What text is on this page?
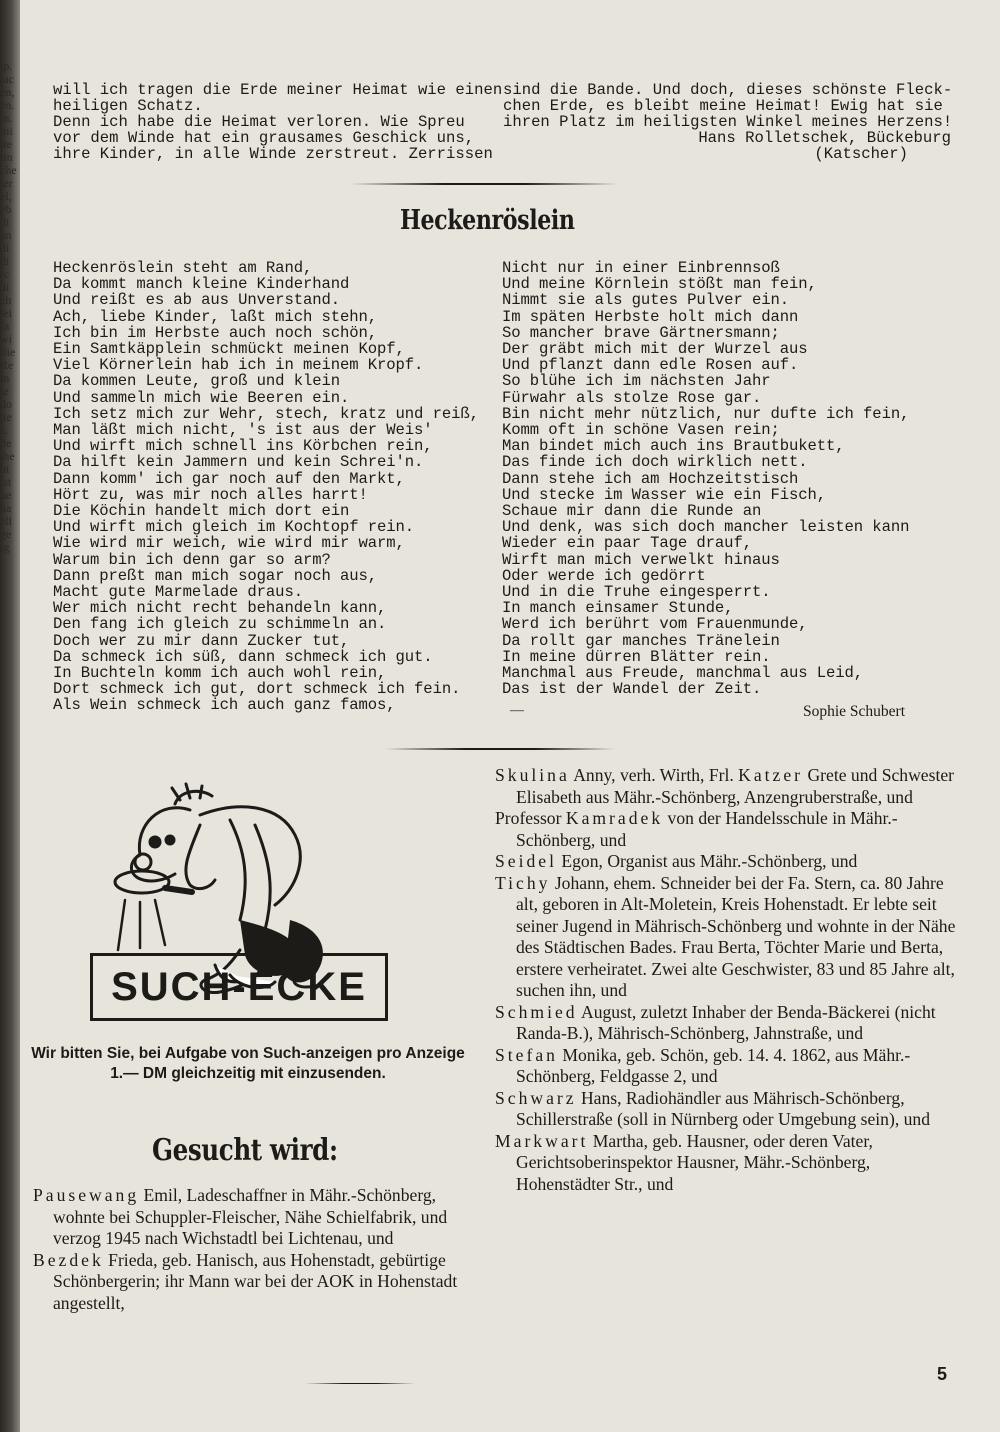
ıp.
lac
en,
en.
in.
mi
ite
lin
che
ier
el,
eb
di
an
di
di
rc
di
eh
lei
Ia
wi
ilie
Re
in
ie
do
ite
z.
de
ihe
ht
ist
ue
ha
ell
ge
ig
will ich tragen die Erde meiner Heimat wie einen
heiligen Schatz.
Denn ich habe die Heimat verloren. Wie Spreu
vor dem Winde hat ein grausames Geschick uns,
ihre Kinder, in alle Winde zerstreut. Zerrissen
sind die Bande. Und doch, dieses schönste Fleck-
chen Erde, es bleibt meine Heimat! Ewig hat sie
ihren Platz im heiligsten Winkel meines Herzens!
Hans Rolletschek, Bückeburg
(Katscher)
Heckenröslein
Heckenröslein steht am Rand,
Da kommt manch kleine Kinderhand
Und reißt es ab aus Unverstand.
Ach, liebe Kinder, laßt mich stehn,
Ich bin im Herbste auch noch schön,
Ein Samtkäpplein schmückt meinen Kopf,
Viel Körnerlein hab ich in meinem Kropf.
Da kommen Leute, groß und klein
Und sammeln mich wie Beeren ein.
Ich setz mich zur Wehr, stech, kratz und reiß,
Man läßt mich nicht, 's ist aus der Weis'
Und wirft mich schnell ins Körbchen rein,
Da hilft kein Jammern und kein Schrei'n.
Dann komm' ich gar noch auf den Markt,
Hört zu, was mir noch alles harrt!
Die Köchin handelt mich dort ein
Und wirft mich gleich im Kochtopf rein.
Wie wird mir weich, wie wird mir warm,
Warum bin ich denn gar so arm?
Dann preßt man mich sogar noch aus,
Macht gute Marmelade draus.
Wer mich nicht recht behandeln kann,
Den fang ich gleich zu schimmeln an.
Doch wer zu mir dann Zucker tut,
Da schmeck ich süß, dann schmeck ich gut.
In Buchteln komm ich auch wohl rein,
Dort schmeck ich gut, dort schmeck ich fein.
Als Wein schmeck ich auch ganz famos,
Nicht nur in einer Einbrennsoß
Und meine Körnlein stößt man fein,
Nimmt sie als gutes Pulver ein.
Im späten Herbste holt mich dann
So mancher brave Gärtnersmann;
Der gräbt mich mit der Wurzel aus
Und pflanzt dann edle Rosen auf.
So blühe ich im nächsten Jahr
Fürwahr als stolze Rose gar.
Bin nicht mehr nützlich, nur dufte ich fein,
Komm oft in schöne Vasen rein;
Man bindet mich auch ins Brautbukett,
Das finde ich doch wirklich nett.
Dann stehe ich am Hochzeitstisch
Und stecke im Wasser wie ein Fisch,
Schaue mir dann die Runde an
Und denk, was sich doch mancher leisten kann
Wieder ein paar Tage drauf,
Wirft man mich verwelkt hinaus
Oder werde ich gedörrt
Und in die Truhe eingesperrt.
In manch einsamer Stunde,
Werd ich berührt vom Frauenmunde,
Da rollt gar manches Tränelein
In meine dürren Blätter rein.
Manchmal aus Freude, manchmal aus Leid,
Das ist der Wandel der Zeit.
—	Sophie Schubert
SUCH-ECKE
Wir bitten Sie, bei Aufgabe von Such-anzeigen pro Anzeige 1.— DM gleichzeitig mit einzusenden.
Gesucht wird:

Pausewang Emil, Ladeschaffner in Mähr.-Schönberg, wohnte bei Schuppler-Fleischer, Nähe Schielfabrik, und verzog 1945 nach Wichstadtl bei Lichtenau, und

Bezdek Frieda, geb. Hanisch, aus Hohenstadt, gebürtige Schönbergerin; ihr Mann war bei der AOK in Hohenstadt angestellt,

Skulina Anny, verh. Wirth, Frl. Katzer Grete und Schwester Elisabeth aus Mähr.-Schönberg, Anzengruberstraße, und

Professor Kamradek von der Handelsschule in Mähr.-Schönberg, und

Seidel Egon, Organist aus Mähr.-Schönberg, und

Tichy Johann, ehem. Schneider bei der Fa. Stern, ca. 80 Jahre alt, geboren in Alt-Moletein, Kreis Hohenstadt. Er lebte seit seiner Jugend in Mährisch-Schönberg und wohnte in der Nähe des Städtischen Bades. Frau Berta, Töchter Marie und Berta, erstere verheiratet. Zwei alte Geschwister, 83 und 85 Jahre alt, suchen ihn, und

Schmied August, zuletzt Inhaber der Benda-Bäckerei (nicht Randa-B.), Mährisch-Schönberg, Jahnstraße, und

Stefan Monika, geb. Schön, geb. 14. 4. 1862, aus Mähr.-Schönberg, Feldgasse 2, und

Schwarz Hans, Radiohändler aus Mährisch-Schönberg, Schillerstraße (soll in Nürnberg oder Umgebung sein), und

Markwart Martha, geb. Hausner, oder deren Vater, Gerichtsoberinspektor Hausner, Mähr.-Schönberg, Hohenstädter Str., und

5
